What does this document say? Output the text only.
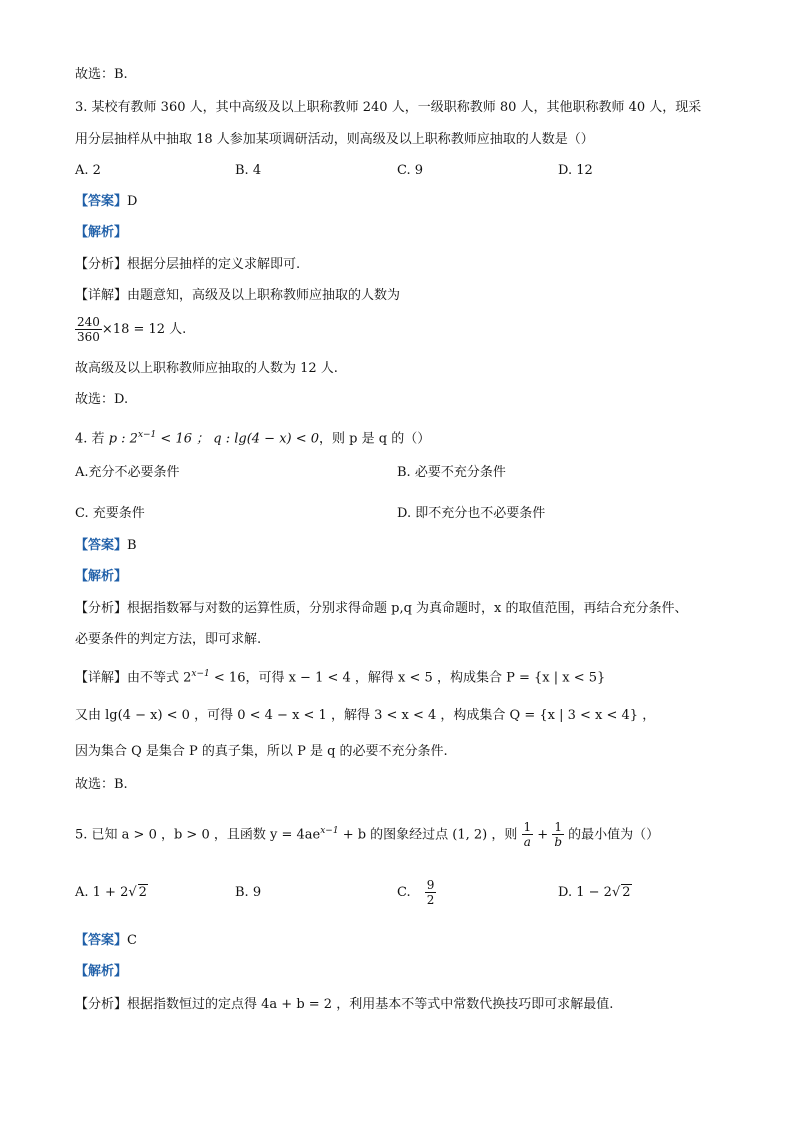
故选：B.
3. 某校有教师 360 人，其中高级及以上职称教师 240 人，一级职称教师 80 人，其他职称教师 40 人，现采
用分层抽样从中抽取 18 人参加某项调研活动，则高级及以上职称教师应抽取的人数是（）
A. 2	B. 4	C. 9	D. 12
【答案】D
【解析】
【分析】根据分层抽样的定义求解即可.
【详解】由题意知，高级及以上职称教师应抽取的人数为
$\frac{240}{360} \times 18 = 12$ 人.
故高级及以上职称教师应抽取的人数为 12 人.
故选：D.
4. 若 p : $2^{x-1} < 16$ ； q : lg(4 − x) < 0，则 p 是 q 的（）
A.充分不必要条件	B. 必要不充分条件
C. 充要条件	D. 即不充分也不必要条件
【答案】B
【解析】
【分析】根据指数幂与对数的运算性质，分别求得命题 p,q 为真命题时，x 的取值范围，再结合充分条件、
必要条件的判定方法，即可求解.
【详解】由不等式 $2^{x-1} < 16$，可得 x − 1 < 4 ，解得 x < 5 ，构成集合 P = {x | x < 5}
又由 lg(4 − x) < 0 ，可得 0 < 4 − x < 1 ，解得 3 < x < 4 ，构成集合 Q = {x | 3 < x < 4} ，
因为集合 Q 是集合 P 的真子集，所以 P 是 q 的必要不充分条件.
故选：B.
5. 已知 a > 0 ，b > 0 ，且函数 $y = 4ae^{x-1} + b$ 的图象经过点 (1, 2) ，则 $\frac{1}{a} + \frac{1}{b}$ 的最小值为（）
A. 1 + 2√ 2	B. 9	C. $\frac{9}{2}$	D. 1 − 2√ 2
【答案】C
【解析】
【分析】根据指数恒过的定点得 4a + b = 2 ，利用基本不等式中常数代换技巧即可求解最值.
